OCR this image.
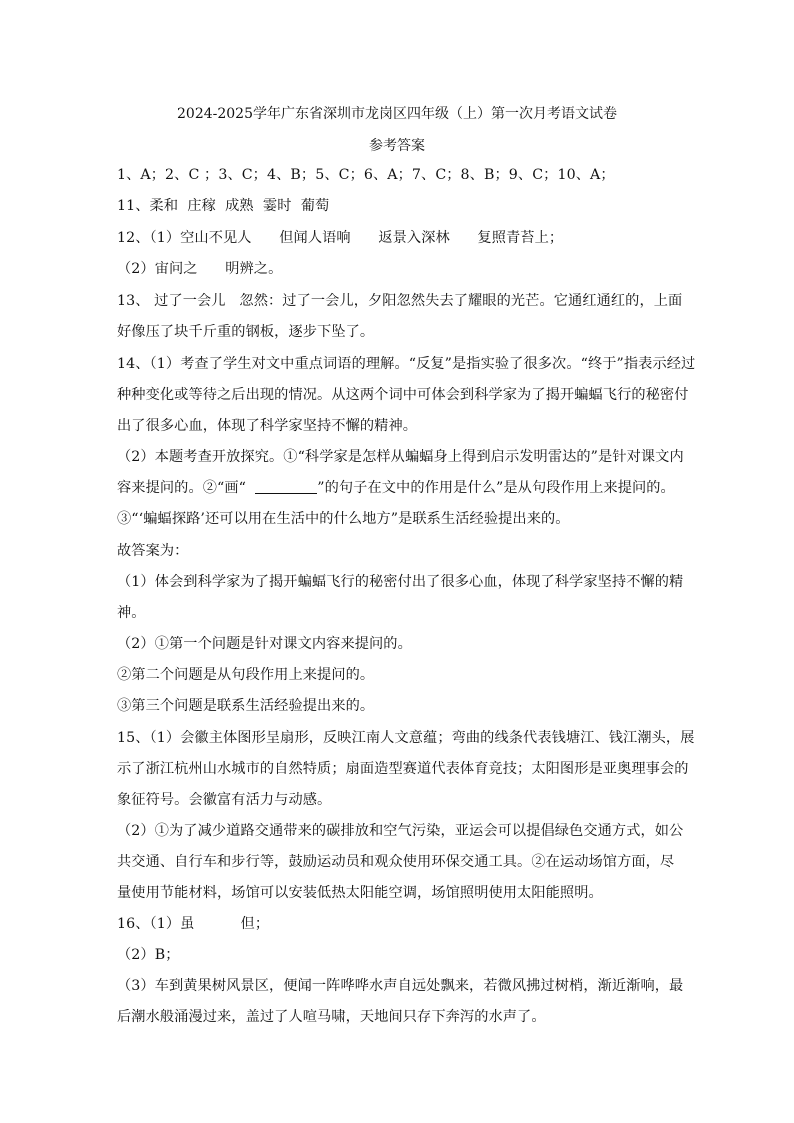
2024-2025学年广东省深圳市龙岗区四年级（上）第一次月考语文试卷
参考答案
1、A；2、C ；3、C；4、B；5、C；6、A；7、C；8、B；9、C；10、A；
11、柔和  庄稼  成熟  霎时  葡萄
12、（1）空山不见人      但闻人语响      返景入深林      复照青苔上；
（2）宙问之      明辨之。
13、 过了一会儿   忽然：过了一会儿，夕阳忽然失去了耀眼的光芒。它通红通红的，上面
好像压了块千斤重的钢板，逐步下坠了。
14、（1）考查了学生对文中重点词语的理解。“反复”是指实验了很多次。“终于”指表示经过
种种变化或等待之后出现的情况。从这两个词中可体会到科学家为了揭开蝙蝠飞行的秘密付
出了很多心血，体现了科学家坚持不懈的精神。
（2）本题考查开放探究。①“科学家是怎样从蝙蝠身上得到启示发明雷达的”是针对课文内
容来提问的。②“画“	”的句子在文中的作用是什么”是从句段作用上来提问的。
③“‘蝙蝠探路’还可以用在生活中的什么地方”是联系生活经验提出来的。
故答案为：
（1）体会到科学家为了揭开蝙蝠飞行的秘密付出了很多心血，体现了科学家坚持不懈的精
神。
（2）①第一个问题是针对课文内容来提问的。
②第二个问题是从句段作用上来提问的。
③第三个问题是联系生活经验提出来的。
15、（1）会徽主体图形呈扇形，反映江南人文意蕴；弯曲的线条代表钱塘江、钱江潮头，展
示了浙江杭州山水城市的自然特质；扇面造型赛道代表体育竞技；太阳图形是亚奥理事会的
象征符号。会徽富有活力与动感。
（2）①为了减少道路交通带来的碳排放和空气污染，亚运会可以提倡绿色交通方式，如公
共交通、自行车和步行等，鼓励运动员和观众使用环保交通工具。②在运动场馆方面，尽
量使用节能材料，场馆可以安装低热太阳能空调，场馆照明使用太阳能照明。
16、（1）虽          但；
（2）B；
（3）车到黄果树风景区，便闻一阵哗哗水声自远处飘来，若微风拂过树梢，渐近渐响，最
后潮水般涌漫过来，盖过了人喧马啸，天地间只存下奔泻的水声了。
